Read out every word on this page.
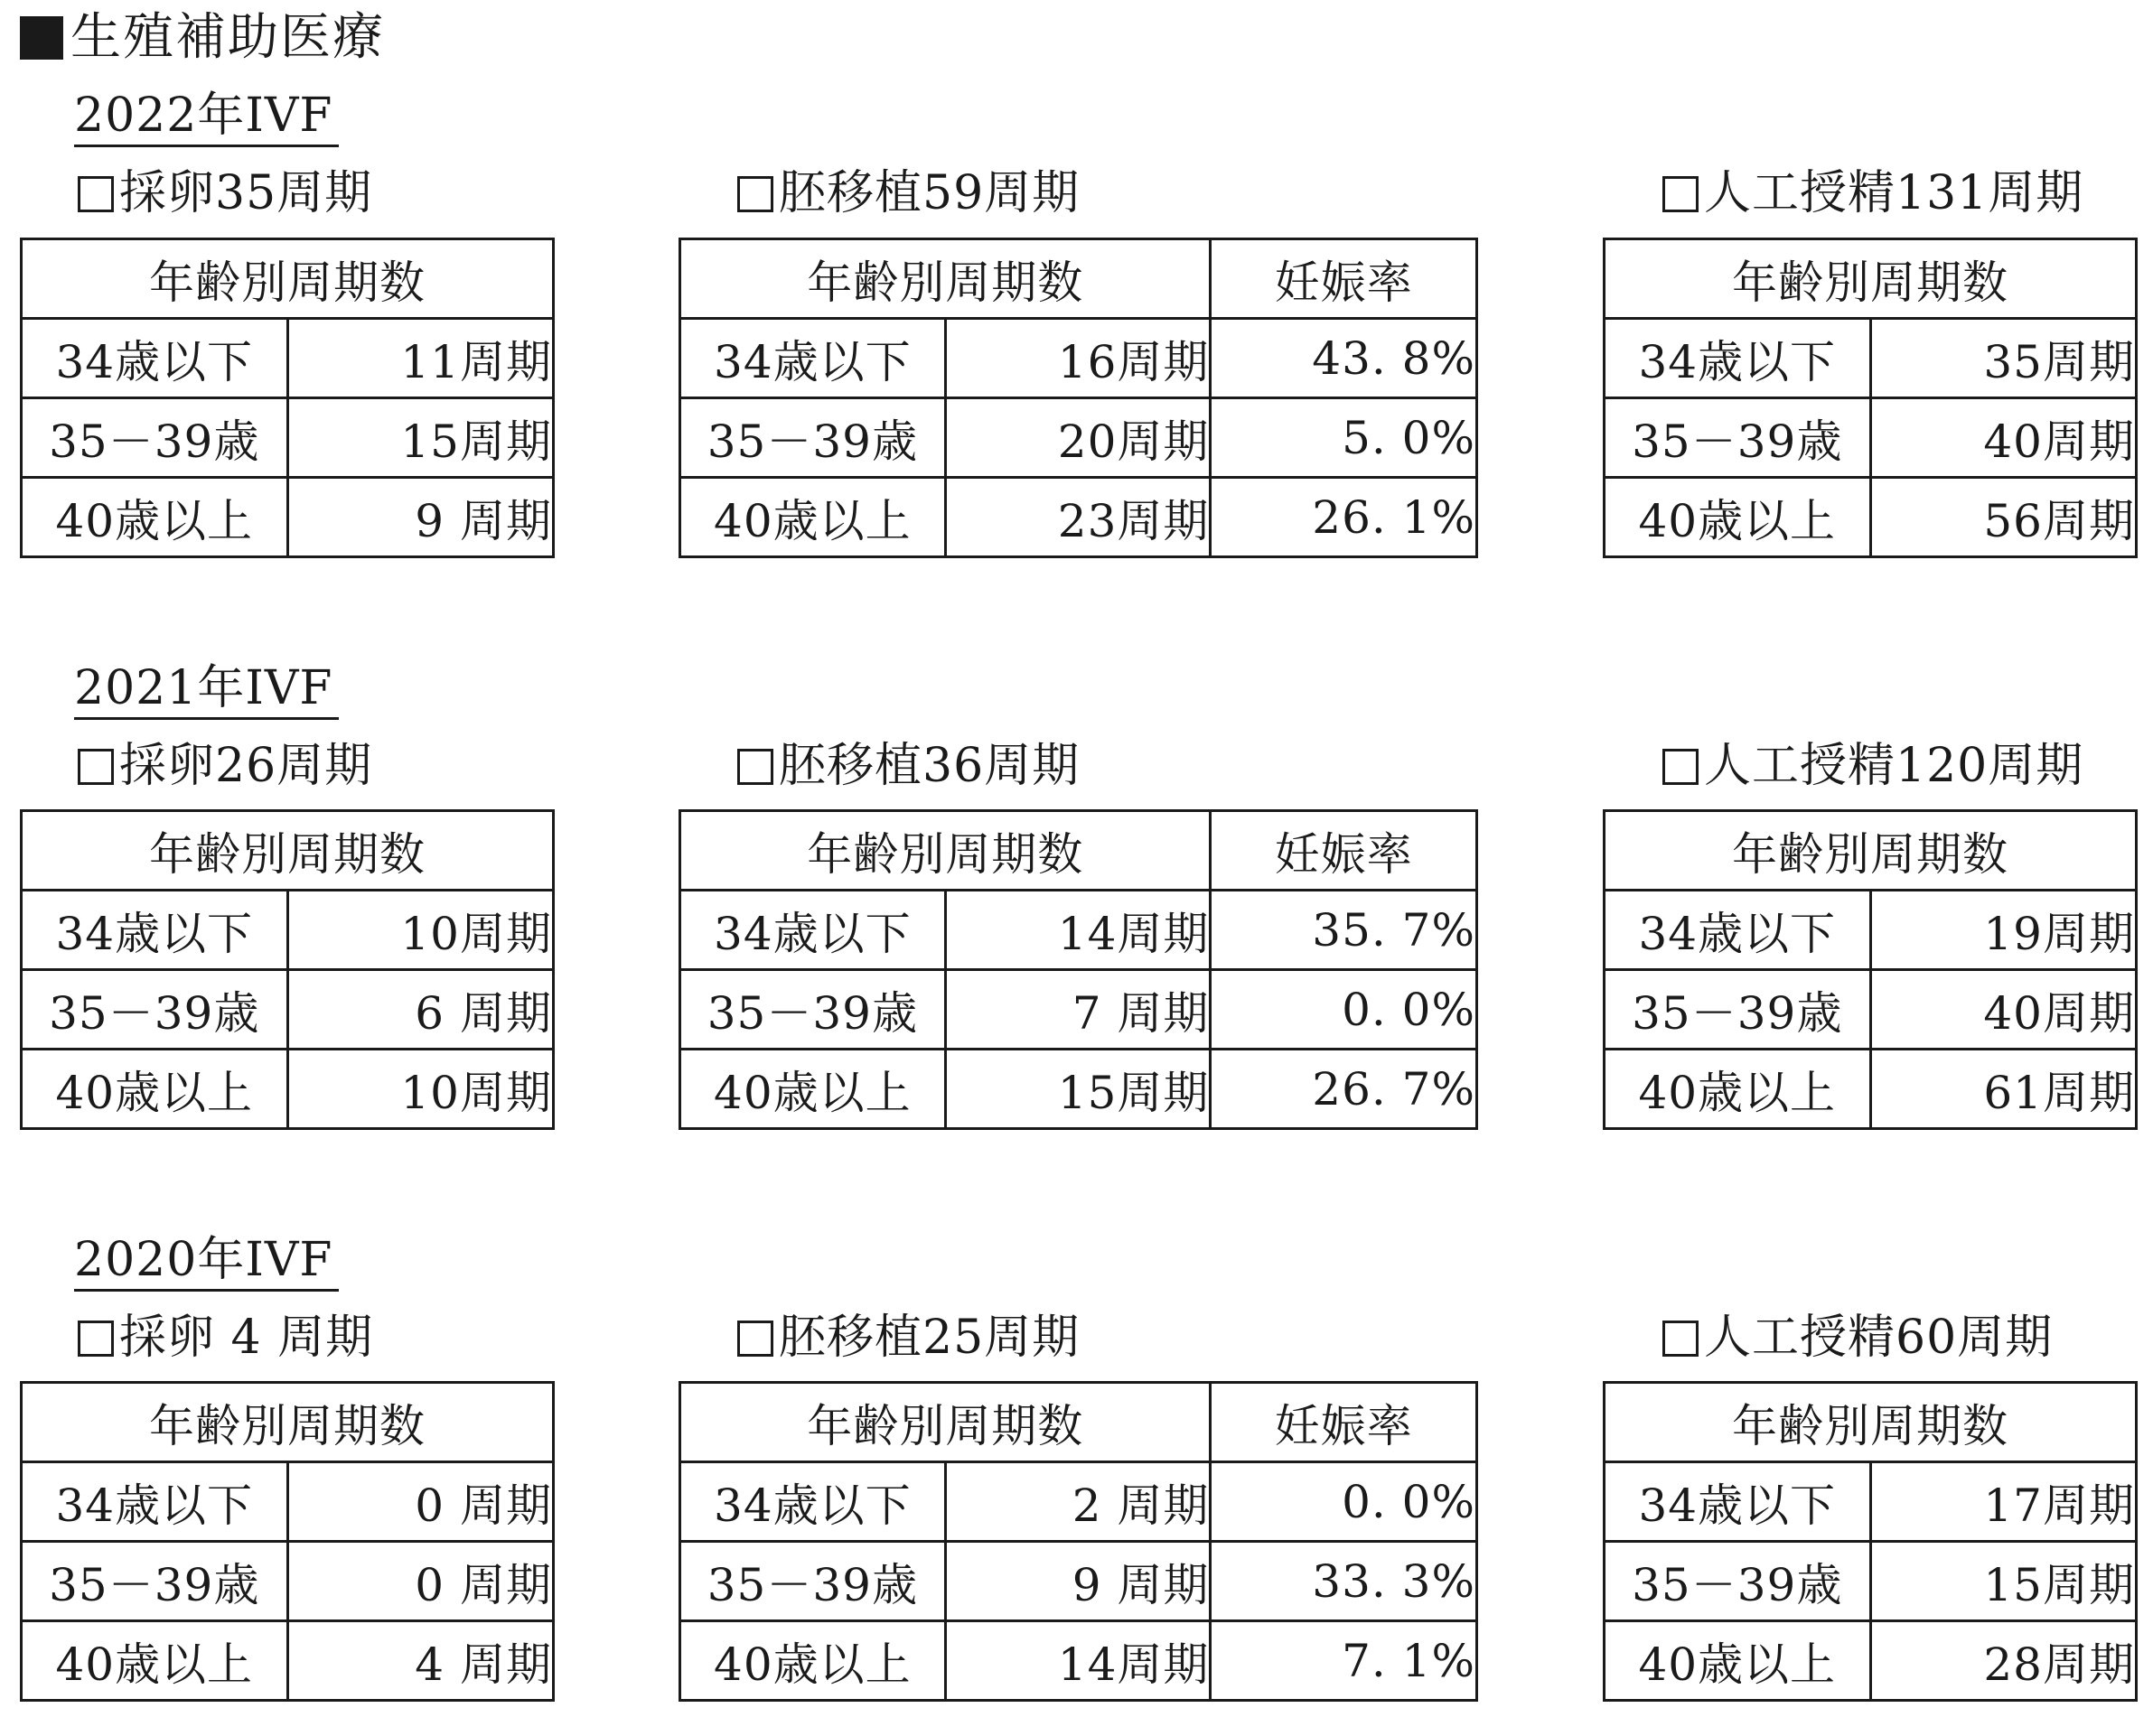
生殖補助医療
2022年IVF
採卵35周期
年齢別周期数	
34歳以下	11周期
35－39歳	15周期
40歳以上	9 周期
胚移植59周期
年齢別周期数		妊娠率
34歳以下	16周期	43. 8%
35－39歳	20周期	5. 0%
40歳以上	23周期	26. 1%
人工授精131周期
年齢別周期数	
34歳以下	35周期
35－39歳	40周期
40歳以上	56周期
2021年IVF
採卵26周期
年齢別周期数	
34歳以下	10周期
35－39歳	6 周期
40歳以上	10周期
胚移植36周期
年齢別周期数		妊娠率
34歳以下	14周期	35. 7%
35－39歳	7 周期	0. 0%
40歳以上	15周期	26. 7%
人工授精120周期
年齢別周期数	
34歳以下	19周期
35－39歳	40周期
40歳以上	61周期
2020年IVF
採卵 4 周期
年齢別周期数	
34歳以下	0 周期
35－39歳	0 周期
40歳以上	4 周期
胚移植25周期
年齢別周期数		妊娠率
34歳以下	2 周期	0. 0%
35－39歳	9 周期	33. 3%
40歳以上	14周期	7. 1%
人工授精60周期
年齢別周期数	
34歳以下	17周期
35－39歳	15周期
40歳以上	28周期
